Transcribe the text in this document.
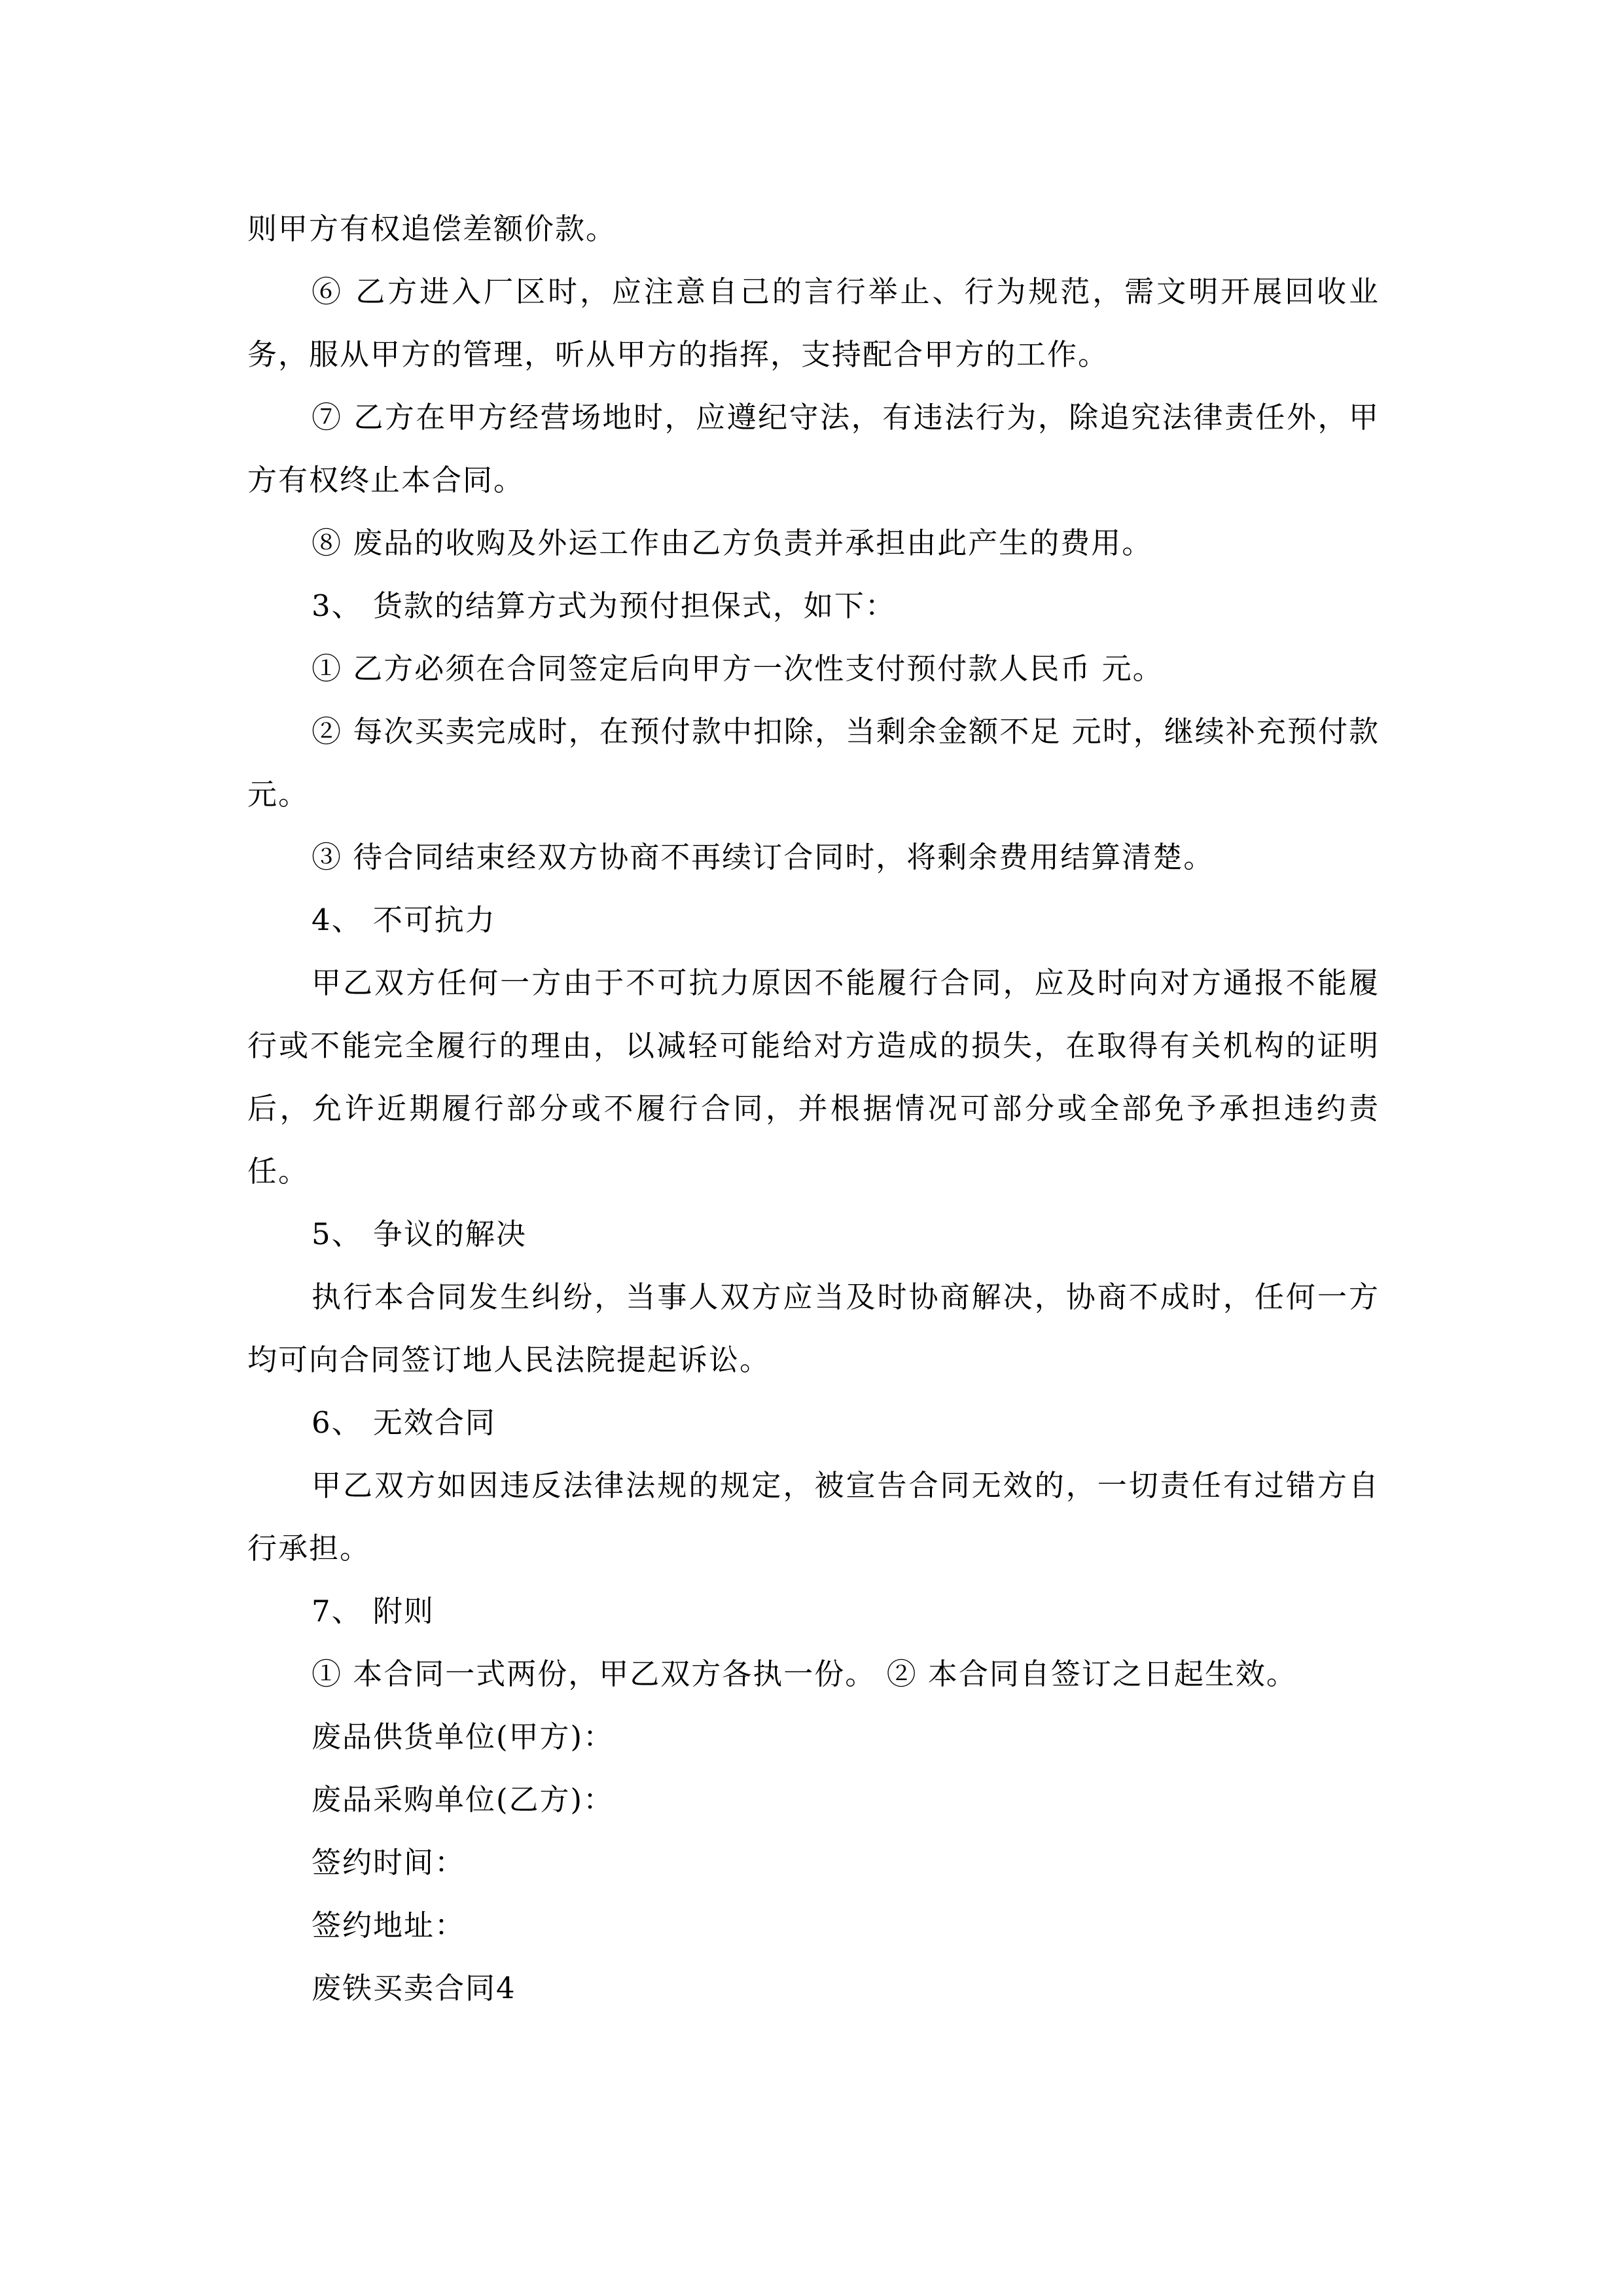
则甲方有权追偿差额价款。

⑥ 乙方进入厂区时，应注意自己的言行举止、行为规范，需文明开展回收业务，服从甲方的管理，听从甲方的指挥，支持配合甲方的工作。

⑦ 乙方在甲方经营场地时，应遵纪守法，有违法行为，除追究法律责任外，甲方有权终止本合同。

⑧ 废品的收购及外运工作由乙方负责并承担由此产生的费用。

3、 货款的结算方式为预付担保式，如下：

① 乙方必须在合同签定后向甲方一次性支付预付款人民币 元。

② 每次买卖完成时，在预付款中扣除，当剩余金额不足 元时，继续补充预付款 元。

③ 待合同结束经双方协商不再续订合同时，将剩余费用结算清楚。

4、 不可抗力

甲乙双方任何一方由于不可抗力原因不能履行合同，应及时向对方通报不能履行或不能完全履行的理由，以减轻可能给对方造成的损失，在取得有关机构的证明后，允许近期履行部分或不履行合同，并根据情况可部分或全部免予承担违约责任。

5、 争议的解决

执行本合同发生纠纷，当事人双方应当及时协商解决，协商不成时，任何一方均可向合同签订地人民法院提起诉讼。

6、 无效合同

甲乙双方如因违反法律法规的规定，被宣告合同无效的，一切责任有过错方自行承担。

7、 附则

① 本合同一式两份，甲乙双方各执一份。 ② 本合同自签订之日起生效。

废品供货单位(甲方)：

废品采购单位(乙方)：

签约时间：

签约地址：

废铁买卖合同4
